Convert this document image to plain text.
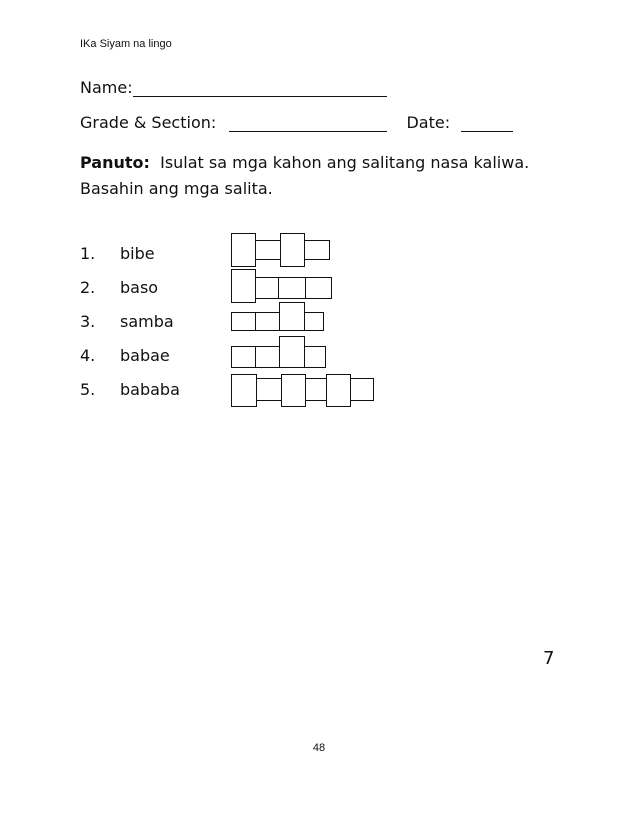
IKa Siyam na lingo
Name:
Grade & Section:	Date:
Panuto: Isulat sa mga kahon ang salitang nasa kaliwa. Basahin ang mga salita.
1. bibe
2. baso
3. samba
4. babae
5. bababa
7
48
